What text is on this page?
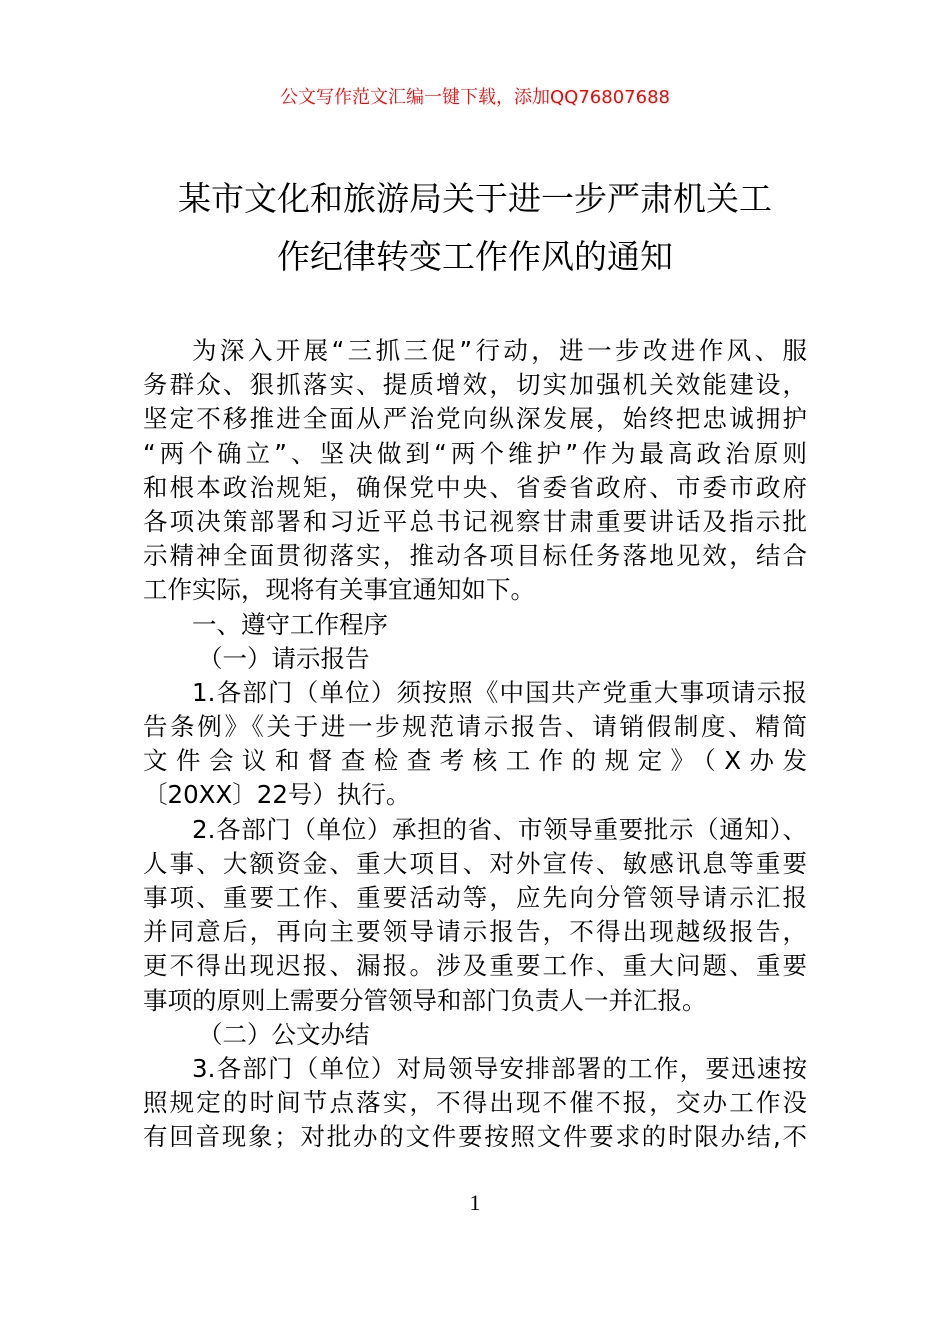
公文写作范文汇编一键下载，添加QQ76807688
某市文化和旅游局关于进一步严肃机关工
作纪律转变工作作风的通知
为深入开展“三抓三促”行动，进一步改进作风、服
务群众、狠抓落实、提质增效，切实加强机关效能建设，
坚定不移推进全面从严治党向纵深发展，始终把忠诚拥护
“两个确立”、坚决做到“两个维护”作为最高政治原则
和根本政治规矩，确保党中央、省委省政府、市委市政府
各项决策部署和习近平总书记视察甘肃重要讲话及指示批
示精神全面贯彻落实，推动各项目标任务落地见效，结合
工作实际，现将有关事宜通知如下。
一、遵守工作程序
（一）请示报告
1.各部门（单位）须按照《中国共产党重大事项请示报
告条例》《关于进一步规范请示报告、请销假制度、精简
文件会议和督查检查考核工作的规定》（X办发
〔20XX〕22号）执行。
2.各部门（单位）承担的省、市领导重要批示（通知）、
人事、大额资金、重大项目、对外宣传、敏感讯息等重要
事项、重要工作、重要活动等，应先向分管领导请示汇报
并同意后，再向主要领导请示报告，不得出现越级报告，
更不得出现迟报、漏报。涉及重要工作、重大问题、重要
事项的原则上需要分管领导和部门负责人一并汇报。
（二）公文办结
3.各部门（单位）对局领导安排部署的工作，要迅速按
照规定的时间节点落实，不得出现不催不报，交办工作没
有回音现象；对批办的文件要按照文件要求的时限办结,不
1
